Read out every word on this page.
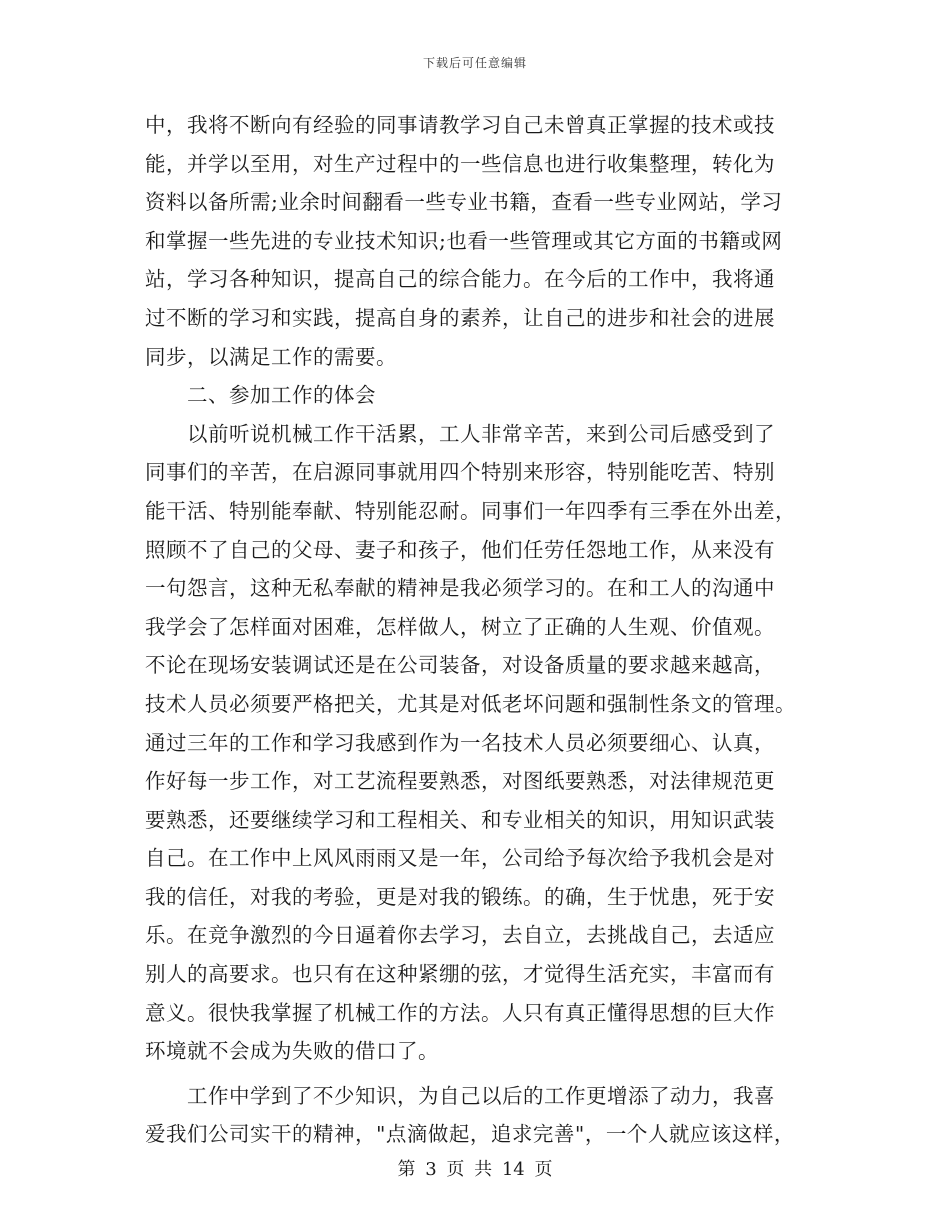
下载后可任意编辑
中，我将不断向有经验的同事请教学习自己未曾真正掌握的技术或技
能，并学以至用，对生产过程中的一些信息也进行收集整理，转化为
资料以备所需;业余时间翻看一些专业书籍，查看一些专业网站，学习
和掌握一些先进的专业技术知识;也看一些管理或其它方面的书籍或网
站，学习各种知识，提高自己的综合能力。在今后的工作中，我将通
过不断的学习和实践，提高自身的素养，让自己的进步和社会的进展
同步，以满足工作的需要。
二、参加工作的体会
以前听说机械工作干活累，工人非常辛苦，来到公司后感受到了
同事们的辛苦，在启源同事就用四个特别来形容，特别能吃苦、特别
能干活、特别能奉献、特别能忍耐。同事们一年四季有三季在外出差，
照顾不了自己的父母、妻子和孩子，他们任劳任怨地工作，从来没有
一句怨言，这种无私奉献的精神是我必须学习的。在和工人的沟通中
我学会了怎样面对困难，怎样做人，树立了正确的人生观、价值观。
不论在现场安装调试还是在公司装备，对设备质量的要求越来越高，
技术人员必须要严格把关，尤其是对低老坏问题和强制性条文的管理。
通过三年的工作和学习我感到作为一名技术人员必须要细心、认真，
作好每一步工作，对工艺流程要熟悉，对图纸要熟悉，对法律规范更
要熟悉，还要继续学习和工程相关、和专业相关的知识，用知识武装
自己。在工作中上风风雨雨又是一年，公司给予每次给予我机会是对
我的信任，对我的考验，更是对我的锻练。的确，生于忧患，死于安
乐。在竞争激烈的今日逼着你去学习，去自立，去挑战自己，去适应
别人的高要求。也只有在这种紧绷的弦，才觉得生活充实，丰富而有
意义。很快我掌握了机械工作的方法。人只有真正懂得思想的巨大作
环境就不会成为失败的借口了。
工作中学到了不少知识，为自己以后的工作更增添了动力，我喜
爱我们公司实干的精神，"点滴做起，追求完善"，一个人就应该这样，
第 3 页 共 14 页
